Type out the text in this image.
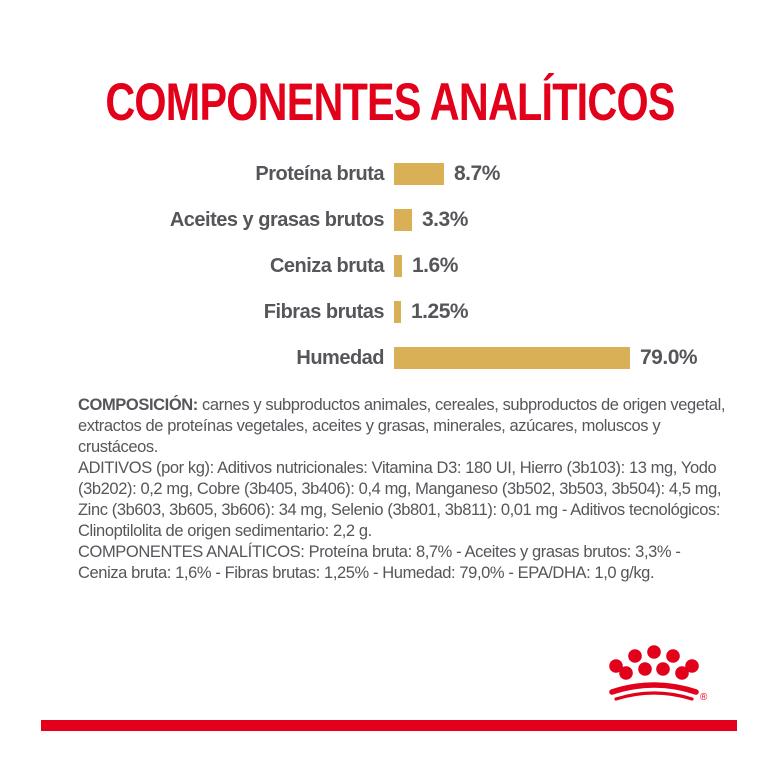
COMPONENTES ANALÍTICOS
Proteína bruta	8.7%
Aceites y grasas brutos	3.3%
Ceniza bruta	1.6%
Fibras brutas	1.25%
Humedad	79.0%

COMPOSICIÓN: carnes y subproductos animales, cereales, subproductos de origen vegetal, extractos de proteínas vegetales, aceites y grasas, minerales, azúcares, moluscos y crustáceos.

ADITIVOS (por kg): Aditivos nutricionales: Vitamina D3: 180 UI, Hierro (3b103): 13 mg, Yodo (3b202): 0,2 mg, Cobre (3b405, 3b406): 0,4 mg, Manganeso (3b502, 3b503, 3b504): 4,5 mg, Zinc (3b603, 3b605, 3b606): 34 mg, Selenio (3b801, 3b811): 0,01 mg - Aditivos tecnológicos: Clinoptilolita de origen sedimentario: 2,2 g.

COMPONENTES ANALÍTICOS: Proteína bruta: 8,7% - Aceites y grasas brutos: 3,3% - Ceniza bruta: 1,6% - Fibras brutas: 1,25% - Humedad: 79,0% - EPA/DHA: 1,0 g/kg.

®
